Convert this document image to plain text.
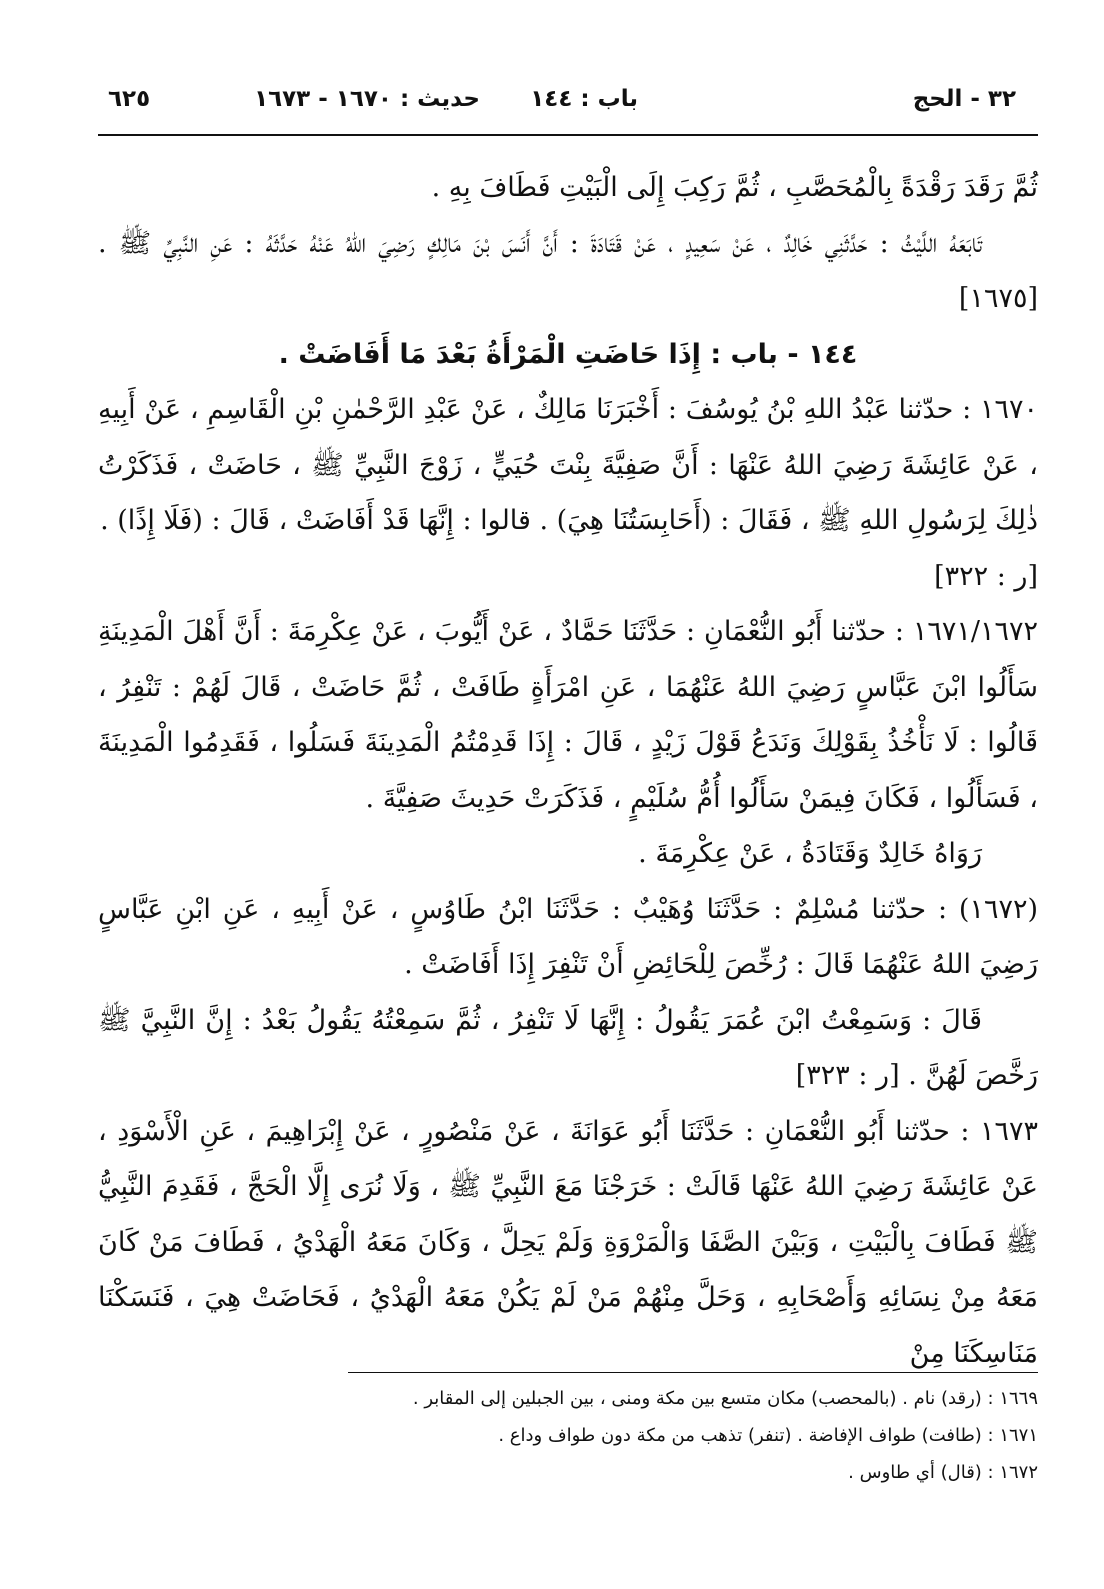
٣٢ - الحج
باب : ١٤٤
حديث : ١٦٧٠ - ١٦٧٣
٦٢٥

ثُمَّ رَقَدَ رَقْدَةً بِالْمُحَصَّبِ ، ثُمَّ رَكِبَ إِلَى الْبَيْتِ فَطَافَ بِهِ .

تَابَعَهُ اللَّيْثُ : حَدَّثَنِي خَالِدٌ ، عَنْ سَعِيدٍ ، عَنْ قَتَادَةَ : أَنَّ أَنَسَ بْنَ مَالِكٍ رَضِيَ اللهُ عَنْهُ حَدَّثَهُ : عَنِ النَّبِيِّ ﷺ . [١٦٧٥]

١٤٤ - باب : إِذَا حَاضَتِ الْمَرْأَةُ بَعْدَ مَا أَفَاضَتْ .

١٦٧٠ : حدّثنا عَبْدُ اللهِ بْنُ يُوسُفَ : أَخْبَرَنَا مَالِكٌ ، عَنْ عَبْدِ الرَّحْمٰنِ بْنِ الْقَاسِمِ ، عَنْ أَبِيهِ ، عَنْ عَائِشَةَ رَضِيَ اللهُ عَنْهَا : أَنَّ صَفِيَّةَ بِنْتَ حُيَيٍّ ، زَوْجَ النَّبِيِّ ﷺ ، حَاضَتْ ، فَذَكَرْتُ ذٰلِكَ لِرَسُولِ اللهِ ﷺ ، فَقَالَ : (أَحَابِسَتُنَا هِيَ) . قالوا : إِنَّهَا قَدْ أَفَاضَتْ ، قَالَ : (فَلَا إِذًا) .

[ر : ٣٢٢]

١٦٧١/١٦٧٢ : حدّثنا أَبُو النُّعْمَانِ : حَدَّثَنَا حَمَّادٌ ، عَنْ أَيُّوبَ ، عَنْ عِكْرِمَةَ : أَنَّ أَهْلَ الْمَدِينَةِ سَأَلُوا ابْنَ عَبَّاسٍ رَضِيَ اللهُ عَنْهُمَا ، عَنِ امْرَأَةٍ طَافَتْ ، ثُمَّ حَاضَتْ ، قَالَ لَهُمْ : تَنْفِرُ ، قَالُوا : لَا نَأْخُذُ بِقَوْلِكَ وَنَدَعُ قَوْلَ زَيْدٍ ، قَالَ : إِذَا قَدِمْتُمُ الْمَدِينَةَ فَسَلُوا ، فَقَدِمُوا الْمَدِينَةَ ، فَسَأَلُوا ، فَكَانَ فِيمَنْ سَأَلُوا أُمُّ سُلَيْمٍ ، فَذَكَرَتْ حَدِيثَ صَفِيَّةَ .

رَوَاهُ خَالِدٌ وَقَتَادَةُ ، عَنْ عِكْرِمَةَ .

(١٦٧٢) : حدّثنا مُسْلِمٌ : حَدَّثَنَا وُهَيْبٌ : حَدَّثَنَا ابْنُ طَاوُسٍ ، عَنْ أَبِيهِ ، عَنِ ابْنِ عَبَّاسٍ رَضِيَ اللهُ عَنْهُمَا قَالَ : رُخِّصَ لِلْحَائِضِ أَنْ تَنْفِرَ إِذَا أَفَاضَتْ .

قَالَ : وَسَمِعْتُ ابْنَ عُمَرَ يَقُولُ : إِنَّهَا لَا تَنْفِرُ ، ثُمَّ سَمِعْتُهُ يَقُولُ بَعْدُ : إِنَّ النَّبِيَّ ﷺ رَخَّصَ لَهُنَّ . [ر : ٣٢٣]

١٦٧٣ : حدّثنا أَبُو النُّعْمَانِ : حَدَّثَنَا أَبُو عَوَانَةَ ، عَنْ مَنْصُورٍ ، عَنْ إِبْرَاهِيمَ ، عَنِ الْأَسْوَدِ ، عَنْ عَائِشَةَ رَضِيَ اللهُ عَنْهَا قَالَتْ : خَرَجْنَا مَعَ النَّبِيِّ ﷺ ، وَلَا نُرَى إِلَّا الْحَجَّ ، فَقَدِمَ النَّبِيُّ ﷺ فَطَافَ بِالْبَيْتِ ، وَبَيْنَ الصَّفَا وَالْمَرْوَةِ وَلَمْ يَحِلَّ ، وَكَانَ مَعَهُ الْهَدْيُ ، فَطَافَ مَنْ كَانَ مَعَهُ مِنْ نِسَائِهِ وَأَصْحَابِهِ ، وَحَلَّ مِنْهُمْ مَنْ لَمْ يَكُنْ مَعَهُ الْهَدْيُ ، فَحَاضَتْ هِيَ ، فَنَسَكْنَا مَنَاسِكَنَا مِنْ

١٦٦٩ : (رقد) نام . (بالمحصب) مكان متسع بين مكة ومنى ، بين الجبلين إلى المقابر .

١٦٧١ : (طافت) طواف الإفاضة . (تنفر) تذهب من مكة دون طواف وداع .

١٦٧٢ : (قال) أي طاوس .
